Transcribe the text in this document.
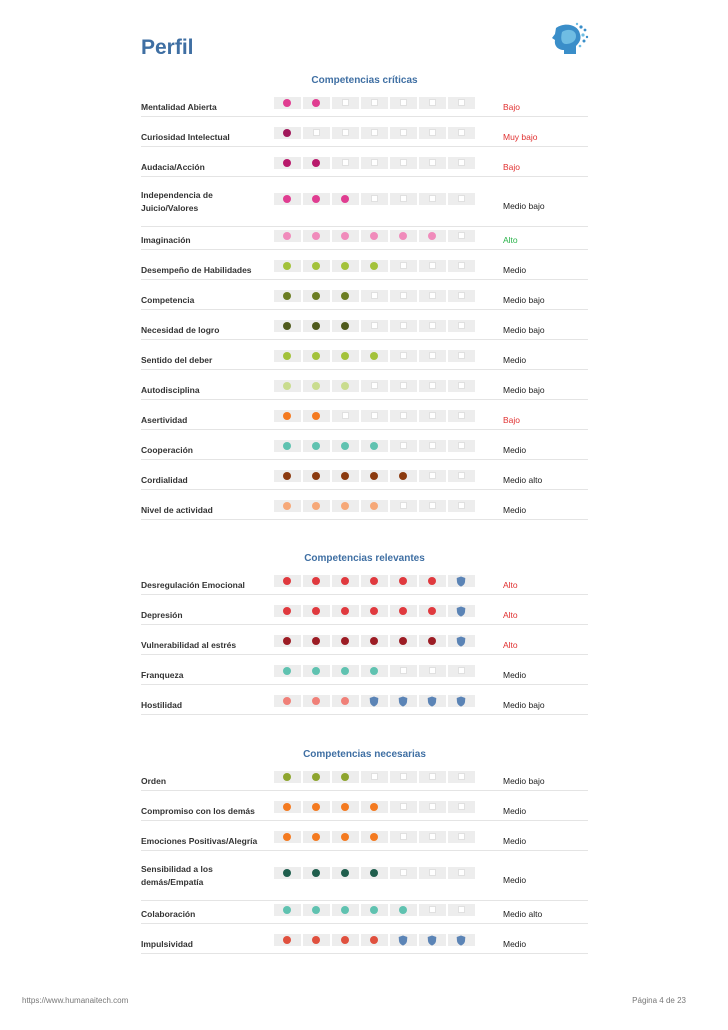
Perfil
Competencias críticas
Mentalidad Abierta	Bajo
Curiosidad Intelectual	Muy bajo
Audacia/Acción	Bajo
Independencia de Juicio/Valores	Medio bajo
Imaginación	Alto
Desempeño de Habilidades	Medio
Competencia	Medio bajo
Necesidad de logro	Medio bajo
Sentido del deber	Medio
Autodisciplina	Medio bajo
Asertividad	Bajo
Cooperación	Medio
Cordialidad	Medio alto
Nivel de actividad	Medio
Competencias relevantes
Desregulación Emocional	Alto
Depresión	Alto
Vulnerabilidad al estrés	Alto
Franqueza	Medio
Hostilidad	Medio bajo
Competencias necesarias
Orden	Medio bajo
Compromiso con los demás	Medio
Emociones Positivas/Alegría	Medio
Sensibilidad a los demás/Empatía	Medio
Colaboración	Medio alto
Impulsividad	Medio
https://www.humanaitech.com	Página 4 de 23
